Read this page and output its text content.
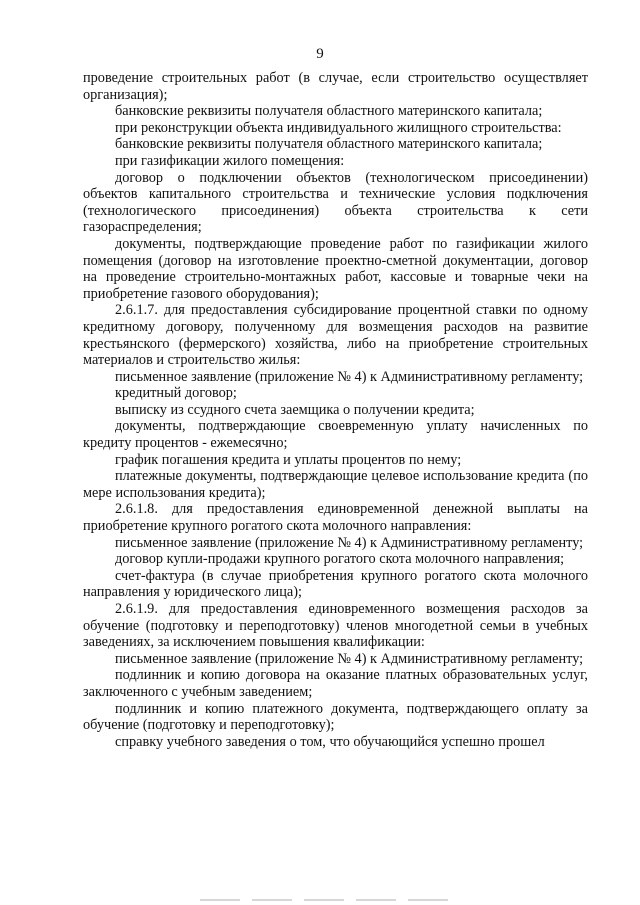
9

проведение строительных работ (в случае, если строительство осуществляет организация);

банковские реквизиты получателя областного материнского капитала;

при реконструкции объекта индивидуального жилищного строительства:

банковские реквизиты получателя областного материнского капитала;

при газификации жилого помещения:

договор о подключении объектов (технологическом присоединении) объектов капитального строительства и технические условия подключения (технологического присоединения) объекта строительства к сети газораспределения;

документы, подтверждающие проведение работ по газификации жилого помещения (договор на изготовление проектно-сметной документации, договор на проведение строительно-монтажных работ, кассовые и товарные чеки на приобретение газового оборудования);

2.6.1.7. для предоставления субсидирование процентной ставки по одному кредитному договору, полученному для возмещения расходов на развитие крестьянского (фермерского) хозяйства, либо на приобретение строительных материалов и строительство жилья:

письменное заявление (приложение № 4) к Административному регламенту;

кредитный договор;

выписку из ссудного счета заемщика о получении кредита;

документы, подтверждающие своевременную уплату начисленных по кредиту процентов - ежемесячно;

график погашения кредита и уплаты процентов по нему;

платежные документы, подтверждающие целевое использование кредита (по мере использования кредита);

2.6.1.8. для предоставления единовременной денежной выплаты на приобретение крупного рогатого скота молочного направления:

письменное заявление (приложение № 4) к Административному регламенту;

договор купли-продажи крупного рогатого скота молочного направления;

счет-фактура (в случае приобретения крупного рогатого скота молочного направления у юридического лица);

2.6.1.9. для предоставления единовременного возмещения расходов за обучение (подготовку и переподготовку) членов многодетной семьи в учебных заведениях, за исключением повышения квалификации:

письменное заявление (приложение № 4) к Административному регламенту;

подлинник и копию договора на оказание платных образовательных услуг, заключенного с учебным заведением;

подлинник и копию платежного документа, подтверждающего оплату за обучение (подготовку и переподготовку);

справку учебного заведения о том, что обучающийся успешно прошел
